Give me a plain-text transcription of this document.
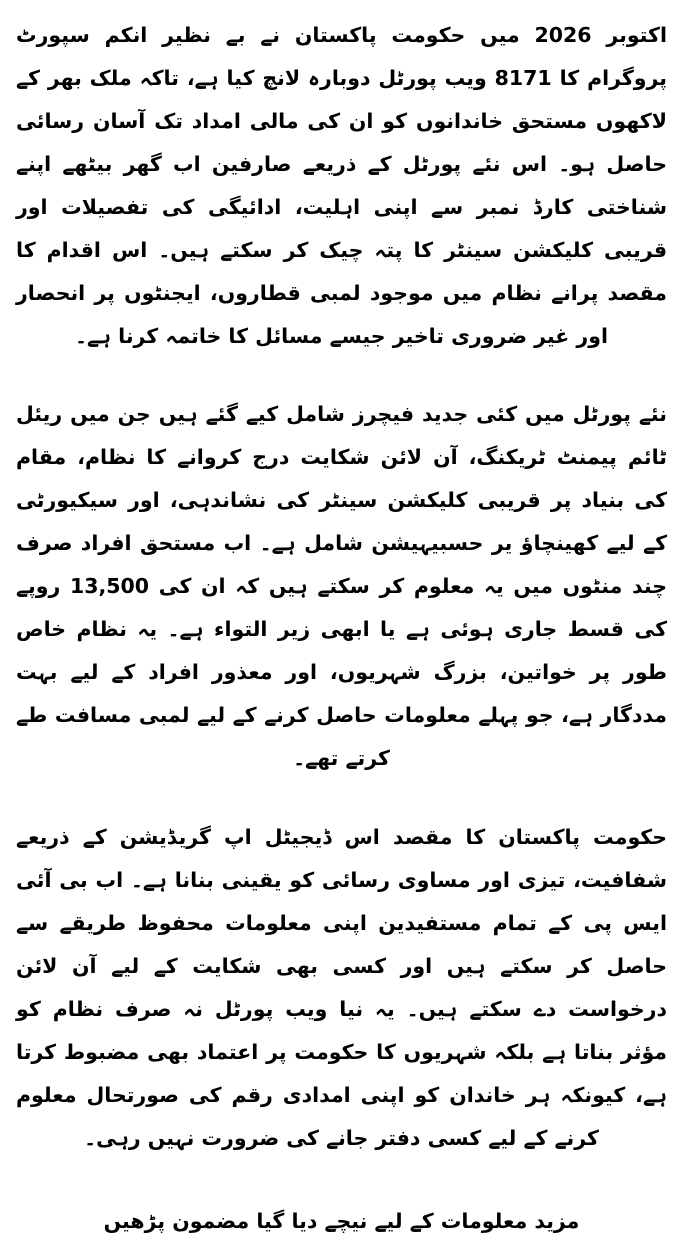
اکتوبر 2026 میں حکومت پاکستان نے بے نظیر انکم سپورٹ پروگرام کا 8171 ویب پورٹل دوبارہ لانچ کیا ہے، تاکہ ملک بھر کے لاکھوں مستحق خاندانوں کو ان کی مالی امداد تک آسان رسائی حاصل ہو۔ اس نئے پورٹل کے ذریعے صارفین اب گھر بیٹھے اپنے شناختی کارڈ نمبر سے اپنی اہلیت، ادائیگی کی تفصیلات اور قریبی کلیکشن سینٹر کا پتہ چیک کر سکتے ہیں۔ اس اقدام کا مقصد پرانے نظام میں موجود لمبی قطاروں، ایجنٹوں پر انحصار اور غیر ضروری تاخیر جیسے مسائل کا خاتمہ کرنا ہے۔

نئے پورٹل میں کئی جدید فیچرز شامل کیے گئے ہیں جن میں ریئل ٹائم پیمنٹ ٹریکنگ، آن لائن شکایت درج کروانے کا نظام، مقام کی بنیاد پر قریبی کلیکشن سینٹر کی نشاندہی، اور سیکیورٹی کے لیے کھینچاؤ یر حسبیہیشن شامل ہے۔ اب مستحق افراد صرف چند منٹوں میں یہ معلوم کر سکتے ہیں کہ ان کی 13,500 روپے کی قسط جاری ہوئی ہے یا ابھی زیر التواء ہے۔ یہ نظام خاص طور پر خواتین، بزرگ شہریوں، اور معذور افراد کے لیے بہت مددگار ہے، جو پہلے معلومات حاصل کرنے کے لیے لمبی مسافت طے کرتے تھے۔

حکومت پاکستان کا مقصد اس ڈیجیٹل اپ گریڈیشن کے ذریعے شفافیت، تیزی اور مساوی رسائی کو یقینی بنانا ہے۔ اب بی آئی ایس پی کے تمام مستفیدین اپنی معلومات محفوظ طریقے سے حاصل کر سکتے ہیں اور کسی بھی شکایت کے لیے آن لائن درخواست دے سکتے ہیں۔ یہ نیا ویب پورٹل نہ صرف نظام کو مؤثر بناتا ہے بلکہ شہریوں کا حکومت پر اعتماد بھی مضبوط کرتا ہے، کیونکہ ہر خاندان کو اپنی امدادی رقم کی صورتحال معلوم کرنے کے لیے کسی دفتر جانے کی ضرورت نہیں رہی۔

مزید معلومات کے لیے نیچے دیا گیا مضمون پڑھیں
